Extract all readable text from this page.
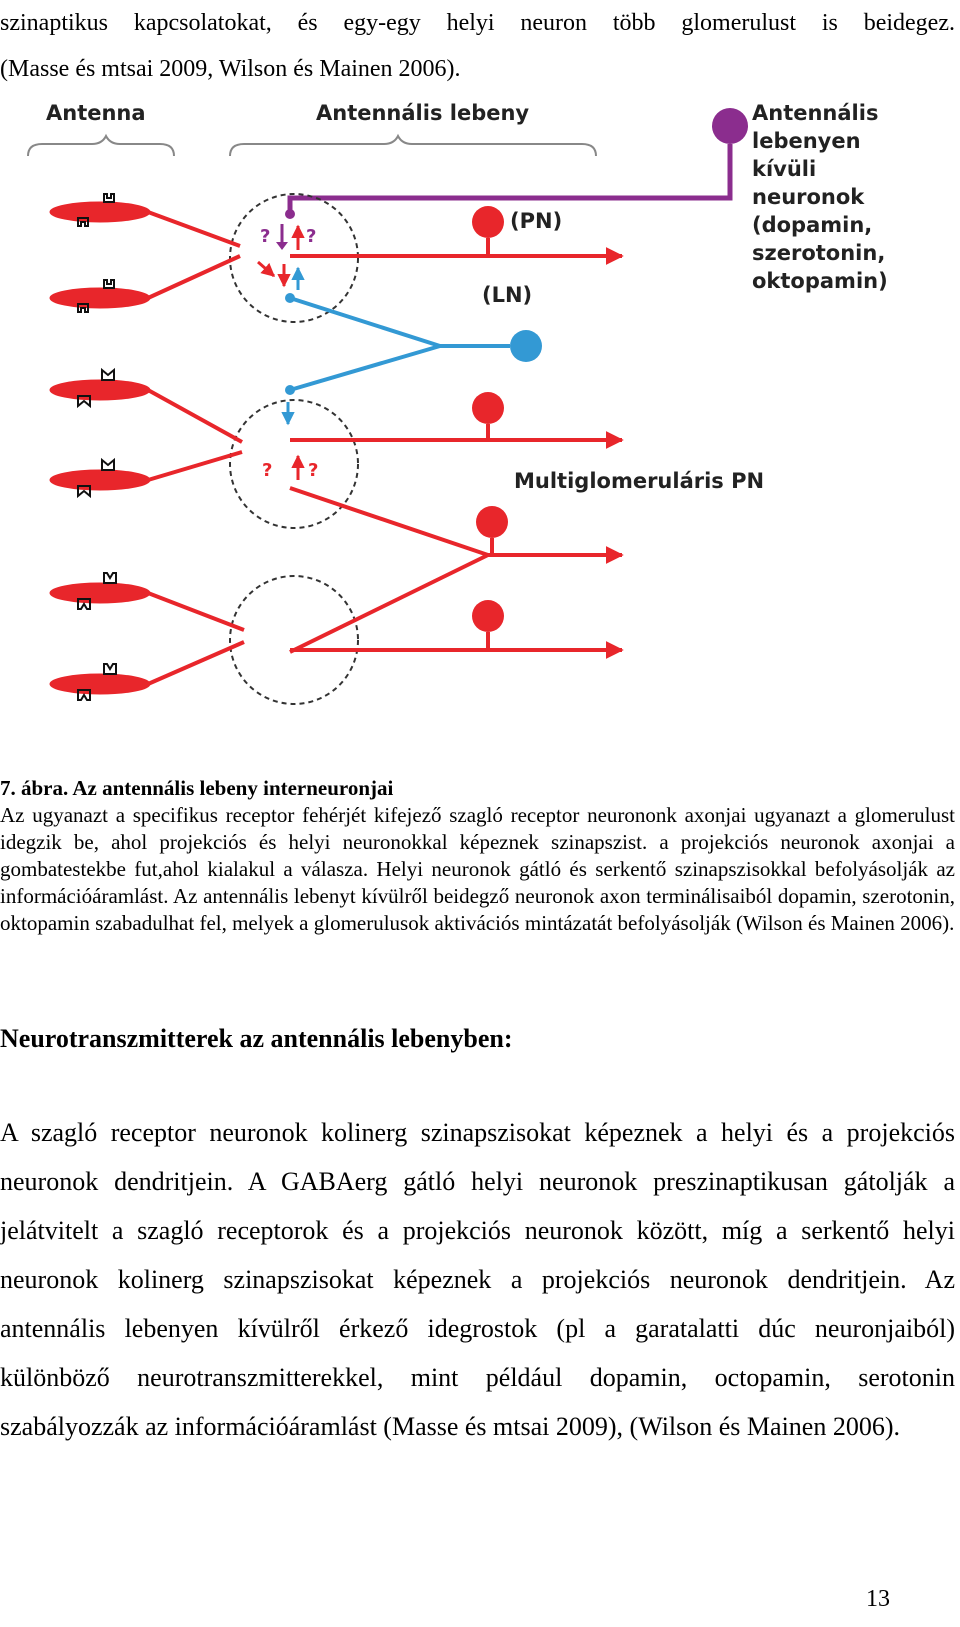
szinaptikus kapcsolatokat, és egy-egy helyi neuron több glomerulust is beidegez.

(Masse és mtsai 2009, Wilson és Mainen 2006).

Antenna	Antennális lebeny	Antennális
lebenyen
kívüli
neuronok
(dopamin,
szerotonin,
oktopamin)
? ?
? ?
(PN)
(LN)
Multiglomeruláris PN

7. ábra. Az antennális lebeny interneuronjai

Az ugyanazt a specifikus receptor fehérjét kifejező szagló receptor neurononk axonjai ugyanazt a glomerulust idegzik be, ahol projekciós és helyi neuronokkal képeznek szinapszist. a projekciós neuronok axonjai a gombatestekbe fut,ahol kialakul a válasza. Helyi neuronok gátló és serkentő szinapszisokkal befolyásolják az információáramlást. Az antennális lebenyt kívülről beidegző neuronok axon terminálisaiból dopamin, szerotonin, oktopamin szabadulhat fel, melyek a glomerulusok aktivációs mintázatát befolyásolják (Wilson és Mainen 2006).

Neurotranszmitterek az antennális lebenyben:

A szagló receptor neuronok kolinerg szinapszisokat képeznek a helyi és a projekciós neuronok dendritjein. A GABAerg gátló helyi neuronok preszinaptikusan gátolják a jelátvitelt a szagló receptorok és a projekciós neuronok között, míg a serkentő helyi neuronok kolinerg szinapszisokat képeznek a projekciós neuronok dendritjein. Az antennális lebenyen kívülről érkező idegrostok (pl a garatalatti dúc neuronjaiból) különböző neurotranszmitterekkel, mint például dopamin, octopamin, serotonin szabályozzák az információáramlást (Masse és mtsai 2009), (Wilson és Mainen 2006).

13
